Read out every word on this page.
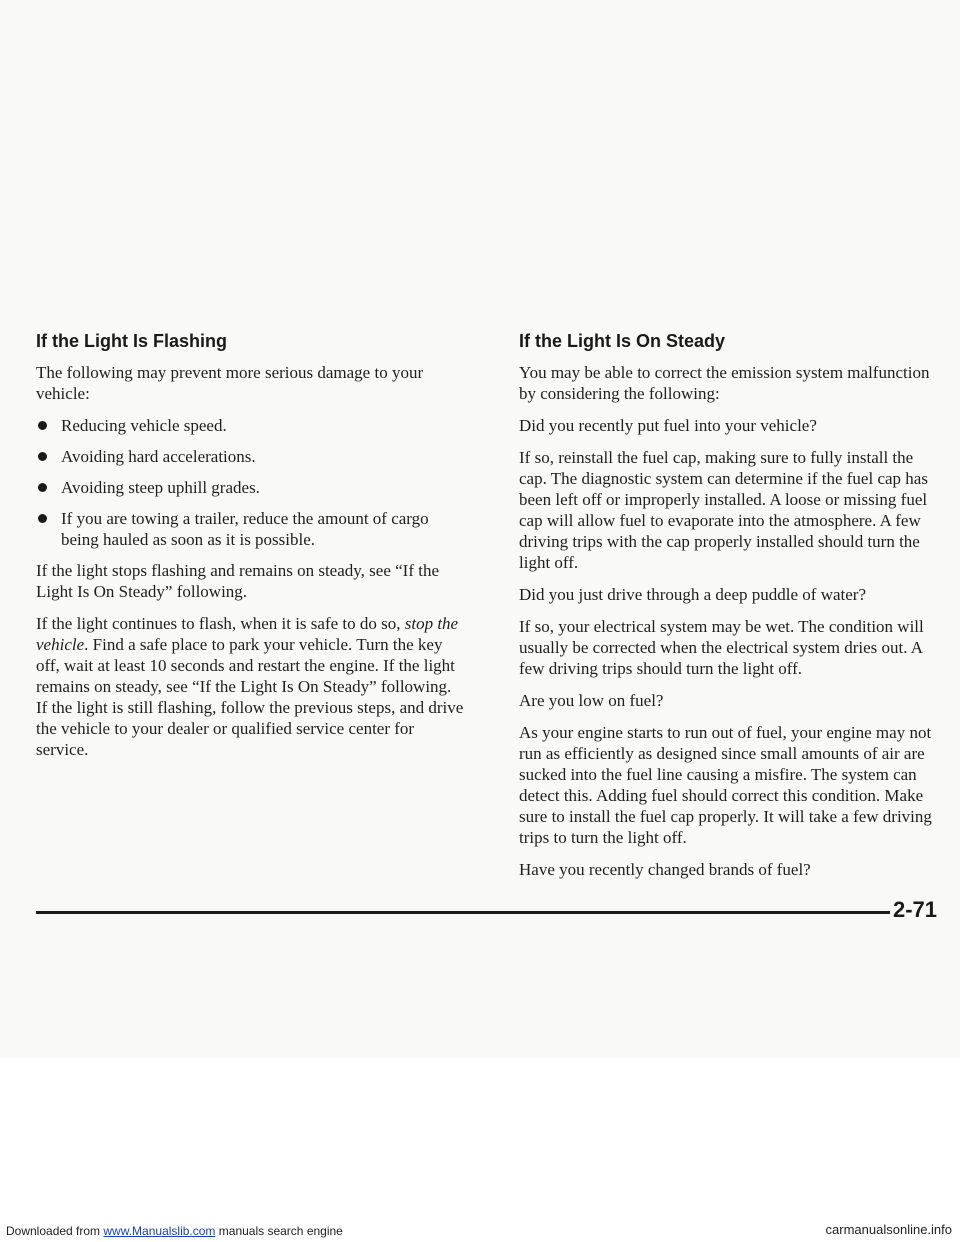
If the Light Is Flashing

The following may prevent more serious damage to your vehicle:

Reducing vehicle speed.
Avoiding hard accelerations.
Avoiding steep uphill grades.
If you are towing a trailer, reduce the amount of cargo being hauled as soon as it is possible.

If the light stops flashing and remains on steady, see “If the Light Is On Steady” following.

If the light continues to flash, when it is safe to do so, stop the vehicle. Find a safe place to park your vehicle. Turn the key off, wait at least 10 seconds and restart the engine. If the light remains on steady, see “If the Light Is On Steady” following. If the light is still flashing, follow the previous steps, and drive the vehicle to your dealer or qualified service center for service.

If the Light Is On Steady

You may be able to correct the emission system malfunction by considering the following:

Did you recently put fuel into your vehicle?

If so, reinstall the fuel cap, making sure to fully install the cap. The diagnostic system can determine if the fuel cap has been left off or improperly installed. A loose or missing fuel cap will allow fuel to evaporate into the atmosphere. A few driving trips with the cap properly installed should turn the light off.

Did you just drive through a deep puddle of water?

If so, your electrical system may be wet. The condition will usually be corrected when the electrical system dries out. A few driving trips should turn the light off.

Are you low on fuel?

As your engine starts to run out of fuel, your engine may not run as efficiently as designed since small amounts of air are sucked into the fuel line causing a misfire. The system can detect this. Adding fuel should correct this condition. Make sure to install the fuel cap properly. It will take a few driving trips to turn the light off.

Have you recently changed brands of fuel?

2-71
Downloaded from www.Manualslib.com manuals search engine	carmanualsonline.info
